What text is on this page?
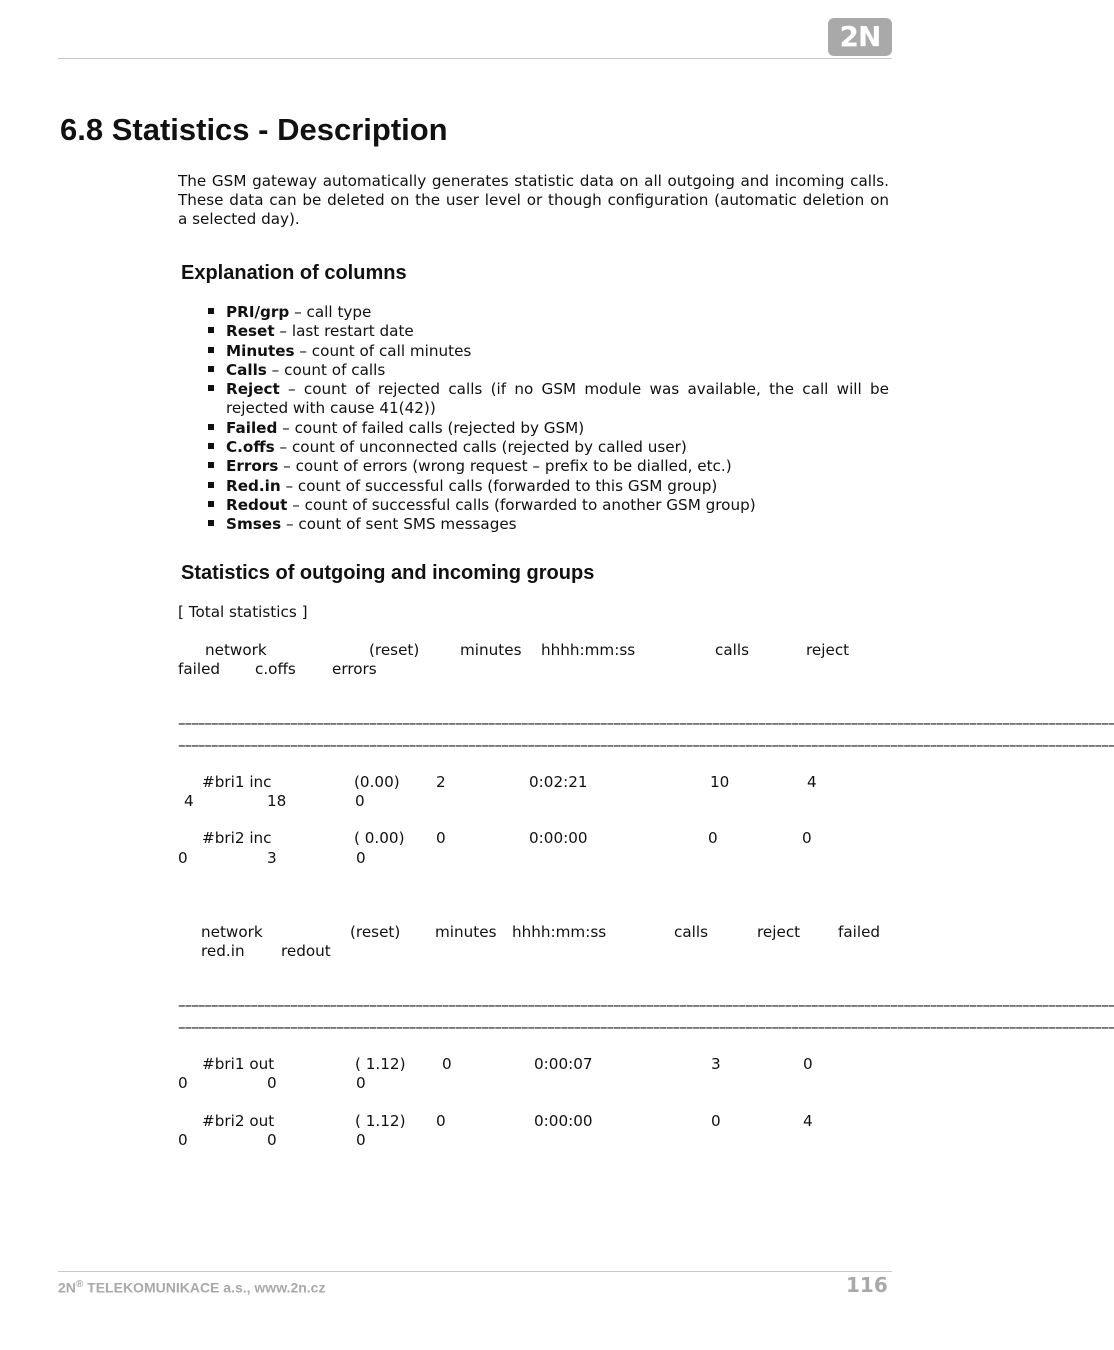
2N
6.8 Statistics - Description
The GSM gateway automatically generates statistic data on all outgoing and incoming calls. These data can be deleted on the user level or though configuration (automatic deletion on a selected day).
Explanation of columns
PRI/grp – call type
Reset – last restart date
Minutes – count of call minutes
Calls – count of calls
Reject – count of rejected calls (if no GSM module was available, the call will be rejected with cause 41(42))
Failed – count of failed calls (rejected by GSM)
C.offs – count of unconnected calls (rejected by called user)
Errors – count of errors (wrong request – prefix to be dialled, etc.)
Red.in – count of successful calls (forwarded to this GSM group)
Redout – count of successful calls (forwarded to another GSM group)
Smses – count of sent SMS messages
Statistics of outgoing and incoming groups
[ Total statistics ]
network	(reset)	minutes hhhh:mm:ss	calls	reject
failed c.offs errors
––––––––––––––––––––––––––––––––––––––––––––––––––––––––––––––––––––––––––––––––––––––––––––––––––––––––––––––––––––––––––––––––––––––––––––––
––––––––––––––––––––––––––––––––––––––––––––––––––––––––––––––––––––––––––––––––––––––––––––––––––––––––––––––––––––––––––––––––––––––––––––––
#bri1 inc	(0.00) 2	0:02:21	10	4
4	18	0
#bri2 inc	( 0.00) 0	0:00:00	0	0
0	3	0
network	(reset) minutes hhhh:mm:ss	calls	reject failed
red.in redout
––––––––––––––––––––––––––––––––––––––––––––––––––––––––––––––––––––––––––––––––––––––––––––––––––––––––––––––––––––––––––––––––––––––––––––––
––––––––––––––––––––––––––––––––––––––––––––––––––––––––––––––––––––––––––––––––––––––––––––––––––––––––––––––––––––––––––––––––––––––––––––––
#bri1 out	( 1.12) 0	0:00:07	3	0
0	0	0
#bri2 out	( 1.12) 0	0:00:00	0	4
0	0	0
2N® TELEKOMUNIKACE a.s., www.2n.cz	116
